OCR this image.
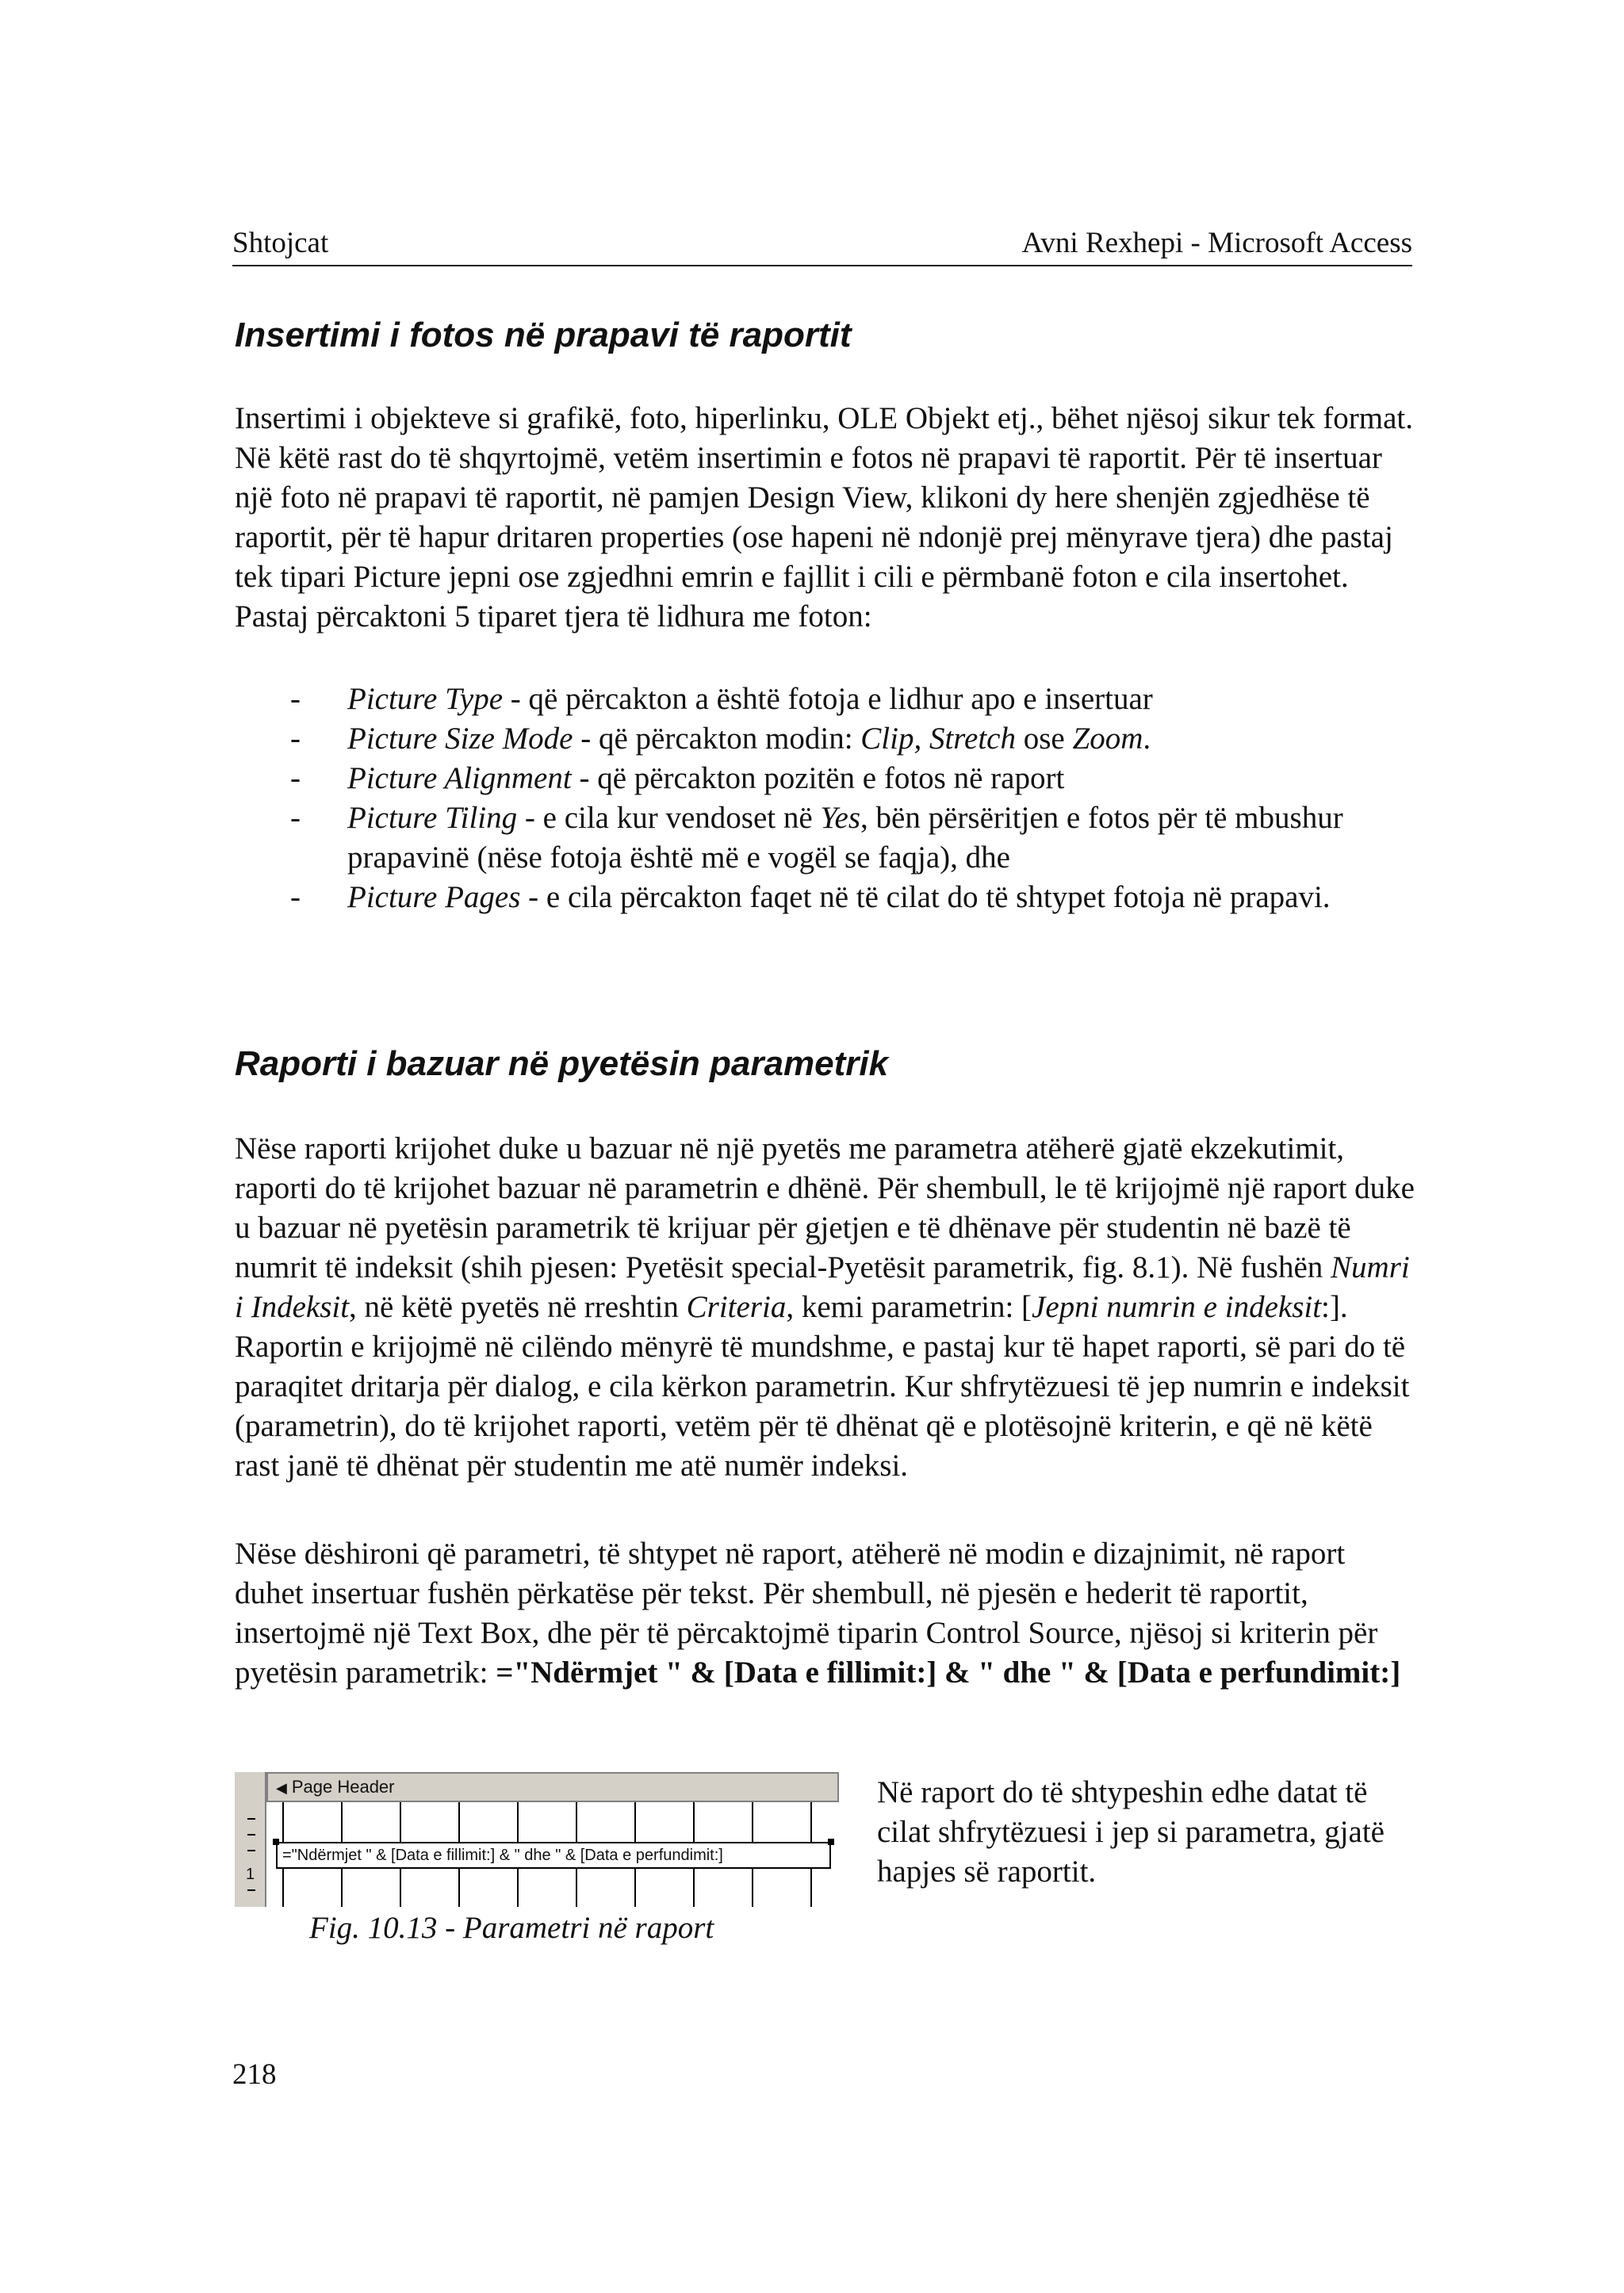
Shtojcat	Avni Rexhepi - Microsoft Access
Insertimi i fotos në prapavi të raportit

Insertimi i objekteve si grafikë, foto, hiperlinku, OLE Objekt etj., bëhet njësoj sikur tek format. Në këtë rast do të shqyrtojmë, vetëm insertimin e fotos në prapavi të raportit. Për të insertuar një foto në prapavi të raportit, në pamjen Design View, klikoni dy here shenjën zgjedhëse të raportit, për të hapur dritaren properties (ose hapeni në ndonjë prej mënyrave tjera) dhe pastaj tek tipari Picture jepni ose zgjedhni emrin e fajllit i cili e përmbanë foton e cila insertohet. Pastaj përcaktoni 5 tiparet tjera të lidhura me foton:

- Picture Type - që përcakton a është fotoja e lidhur apo e insertuar
- Picture Size Mode - që përcakton modin: Clip, Stretch ose Zoom.
- Picture Alignment - që përcakton pozitën e fotos në raport
- Picture Tiling - e cila kur vendoset në Yes, bën përsëritjen e fotos për të mbushur prapavinë (nëse fotoja është më e vogël se faqja), dhe
- Picture Pages - e cila përcakton faqet në të cilat do të shtypet fotoja në prapavi.
Raporti i bazuar në pyetësin parametrik

Nëse raporti krijohet duke u bazuar në një pyetës me parametra atëherë gjatë ekzekutimit, raporti do të krijohet bazuar në parametrin e dhënë. Për shembull, le të krijojmë një raport duke u bazuar në pyetësin parametrik të krijuar për gjetjen e të dhënave për studentin në bazë të numrit të indeksit (shih pjesen: Pyetësit special-Pyetësit parametrik, fig. 8.1). Në fushën Numri i Indeksit, në këtë pyetës në rreshtin Criteria, kemi parametrin: [Jepni numrin e indeksit:]. Raportin e krijojmë në cilëndo mënyrë të mundshme, e pastaj kur të hapet raporti, së pari do të paraqitet dritarja për dialog, e cila kërkon parametrin. Kur shfrytëzuesi të jep numrin e indeksit (parametrin), do të krijohet raporti, vetëm për të dhënat që e plotësojnë kriterin, e që në këtë rast janë të dhënat për studentin me atë numër indeksi.

Nëse dëshironi që parametri, të shtypet në raport, atëherë në modin e dizajnimit, në raport duhet insertuar fushën përkatëse për tekst. Për shembull, në pjesën e hederit të raportit, insertojmë një Text Box, dhe për të përcaktojmë tiparin Control Source, njësoj si kriterin për pyetësin parametrik: ="Ndërmjet " & [Data e fillimit:] & " dhe " & [Data e perfundimit:]

1
◀ Page Header
="Ndërmjet " & [Data e fillimit:] & " dhe " & [Data e perfundimit:]

Fig. 10.13 - Parametri në raport

Në raport do të shtypeshin edhe datat të cilat shfrytëzuesi i jep si parametra, gjatë hapjes së raportit.

218
